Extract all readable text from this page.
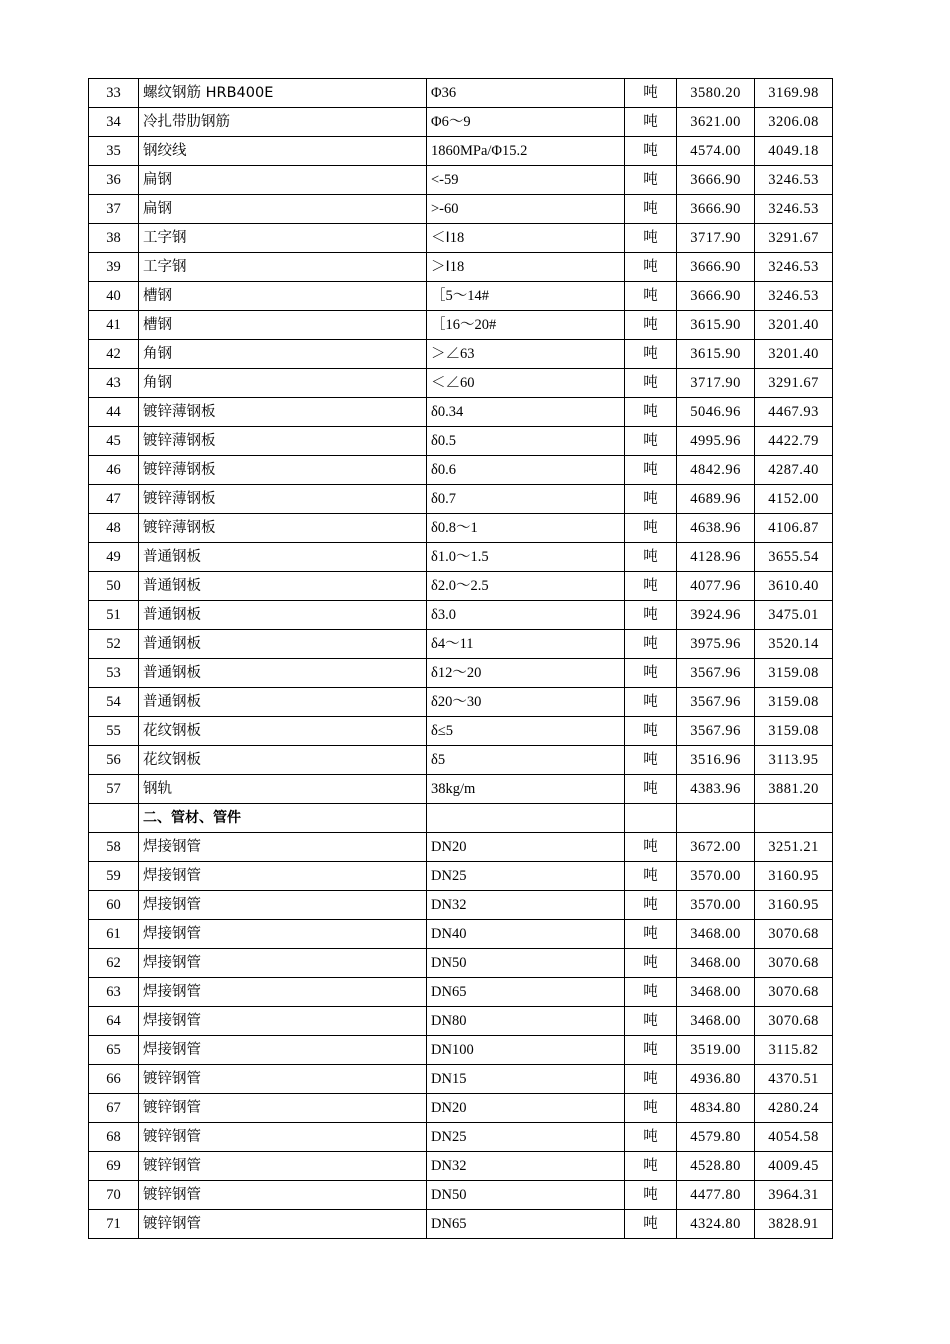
33	螺纹钢筋 HRB400E	Φ36	吨	3580.20	3169.98
34	冷扎带肋钢筋	Φ6～9	吨	3621.00	3206.08
35	钢绞线	1860MPa/Φ15.2	吨	4574.00	4049.18
36	扁钢	<-59	吨	3666.90	3246.53
37	扁钢	>-60	吨	3666.90	3246.53
38	工字钢	＜Ⅰ18	吨	3717.90	3291.67
39	工字钢	＞Ⅰ18	吨	3666.90	3246.53
40	槽钢	［5～14#	吨	3666.90	3246.53
41	槽钢	［16～20#	吨	3615.90	3201.40
42	角钢	＞∠63	吨	3615.90	3201.40
43	角钢	＜∠60	吨	3717.90	3291.67
44	镀锌薄钢板	δ0.34	吨	5046.96	4467.93
45	镀锌薄钢板	δ0.5	吨	4995.96	4422.79
46	镀锌薄钢板	δ0.6	吨	4842.96	4287.40
47	镀锌薄钢板	δ0.7	吨	4689.96	4152.00
48	镀锌薄钢板	δ0.8～1	吨	4638.96	4106.87
49	普通钢板	δ1.0～1.5	吨	4128.96	3655.54
50	普通钢板	δ2.0～2.5	吨	4077.96	3610.40
51	普通钢板	δ3.0	吨	3924.96	3475.01
52	普通钢板	δ4～11	吨	3975.96	3520.14
53	普通钢板	δ12～20	吨	3567.96	3159.08
54	普通钢板	δ20～30	吨	3567.96	3159.08
55	花纹钢板	δ≤5	吨	3567.96	3159.08
56	花纹钢板	δ5	吨	3516.96	3113.95
57	钢轨	38kg/m	吨	4383.96	3881.20
	二、管材、管件				
58	焊接钢管	DN20	吨	3672.00	3251.21
59	焊接钢管	DN25	吨	3570.00	3160.95
60	焊接钢管	DN32	吨	3570.00	3160.95
61	焊接钢管	DN40	吨	3468.00	3070.68
62	焊接钢管	DN50	吨	3468.00	3070.68
63	焊接钢管	DN65	吨	3468.00	3070.68
64	焊接钢管	DN80	吨	3468.00	3070.68
65	焊接钢管	DN100	吨	3519.00	3115.82
66	镀锌钢管	DN15	吨	4936.80	4370.51
67	镀锌钢管	DN20	吨	4834.80	4280.24
68	镀锌钢管	DN25	吨	4579.80	4054.58
69	镀锌钢管	DN32	吨	4528.80	4009.45
70	镀锌钢管	DN50	吨	4477.80	3964.31
71	镀锌钢管	DN65	吨	4324.80	3828.91
